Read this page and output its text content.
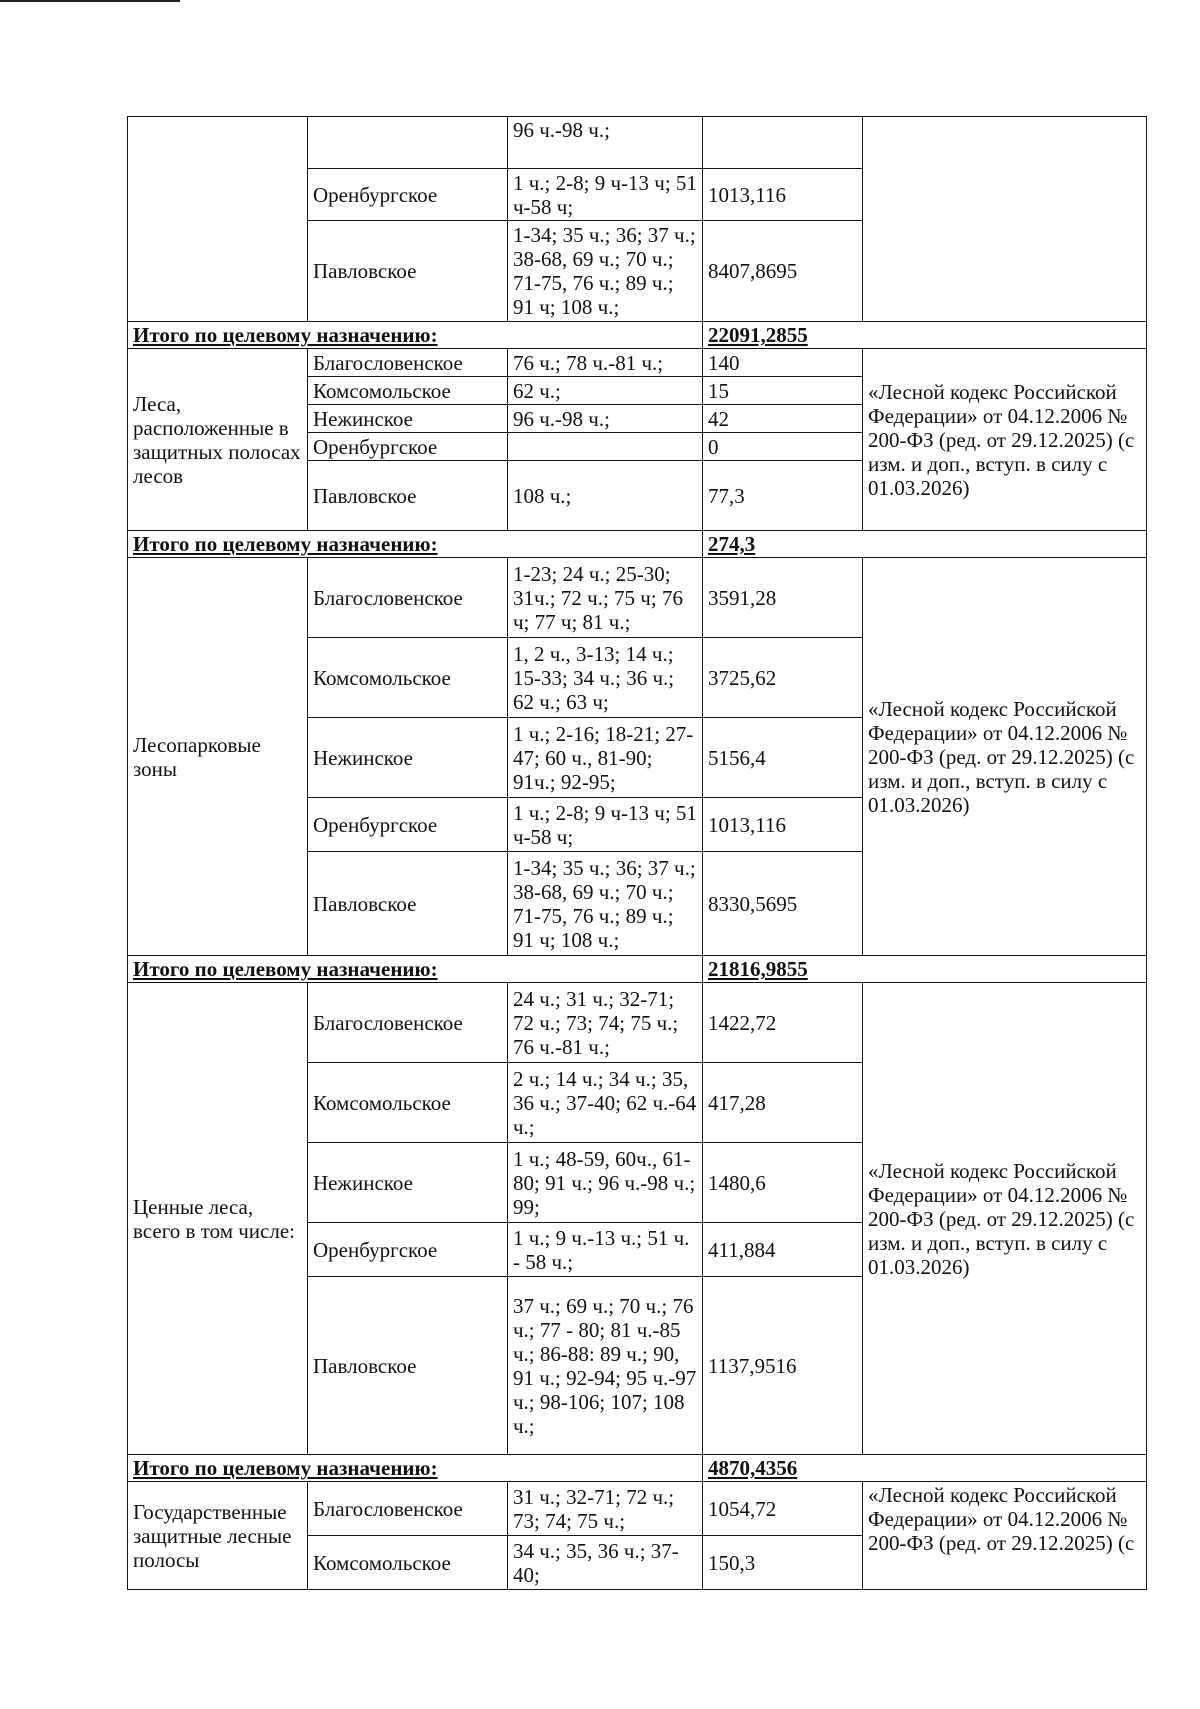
		96 ч.-98 ч.;		
	Оренбургское	1 ч.; 2-8; 9 ч-13 ч; 51 ч-58 ч;	1013,116	
	Павловское	1-34; 35 ч.; 36; 37 ч.; 38-68, 69 ч.; 70 ч.; 71-75, 76 ч.; 89 ч.; 91 ч; 108 ч.;	8407,8695	
Итого по целевому назначению:			22091,2855	
Леса, расположенные в защитных полосах лесов	Благословенское	76 ч.; 78 ч.-81 ч.;	140	«Лесной кодекс Российской Федерации» от 04.12.2006 № 200-ФЗ (ред. от 29.12.2025) (с изм. и доп., вступ. в силу с 01.03.2026)
	Комсомольское	62 ч.;	15	
	Нежинское	96 ч.-98 ч.;	42	
	Оренбургское		0	
	Павловское	108 ч.;	77,3	
Итого по целевому назначению:			274,3	
Лесопарковые зоны	Благословенское	1-23; 24 ч.; 25-30; 31ч.; 72 ч.; 75 ч; 76 ч; 77 ч; 81 ч.;	3591,28	«Лесной кодекс Российской Федерации» от 04.12.2006 № 200-ФЗ (ред. от 29.12.2025) (с изм. и доп., вступ. в силу с 01.03.2026)
	Комсомольское	1, 2 ч., 3-13; 14 ч.; 15-33; 34 ч.; 36 ч.; 62 ч.; 63 ч;	3725,62	
	Нежинское	1 ч.; 2-16; 18-21; 27-47; 60 ч., 81-90; 91ч.; 92-95;	5156,4	
	Оренбургское	1 ч.; 2-8; 9 ч-13 ч; 51 ч-58 ч;	1013,116	
	Павловское	1-34; 35 ч.; 36; 37 ч.; 38-68, 69 ч.; 70 ч.; 71-75, 76 ч.; 89 ч.; 91 ч; 108 ч.;	8330,5695	
Итого по целевому назначению:			21816,9855	
Ценные леса, всего в том числе:	Благословенское	24 ч.; 31 ч.; 32-71; 72 ч.; 73; 74; 75 ч.; 76 ч.-81 ч.;	1422,72	«Лесной кодекс Российской Федерации» от 04.12.2006 № 200-ФЗ (ред. от 29.12.2025) (с изм. и доп., вступ. в силу с 01.03.2026)
	Комсомольское	2 ч.; 14 ч.; 34 ч.; 35, 36 ч.; 37-40; 62 ч.-64 ч.;	417,28	
	Нежинское	1 ч.; 48-59, 60ч., 61- 80; 91 ч.; 96 ч.-98 ч.; 99;	1480,6	
	Оренбургское	1 ч.; 9 ч.-13 ч.; 51 ч. - 58 ч.;	411,884	
	Павловское	37 ч.; 69 ч.; 70 ч.; 76 ч.; 77 - 80; 81 ч.-85 ч.; 86-88: 89 ч.; 90, 91 ч.; 92-94; 95 ч.-97 ч.; 98-106; 107; 108 ч.;	1137,9516	
Итого по целевому назначению:			4870,4356	
Государственные защитные лесные полосы	Благословенское	31 ч.; 32-71; 72 ч.; 73; 74; 75 ч.;	1054,72	«Лесной кодекс Российской Федерации» от 04.12.2006 № 200-ФЗ (ред. от 29.12.2025) (с
	Комсомольское	34 ч.; 35, 36 ч.; 37-40;	150,3	
